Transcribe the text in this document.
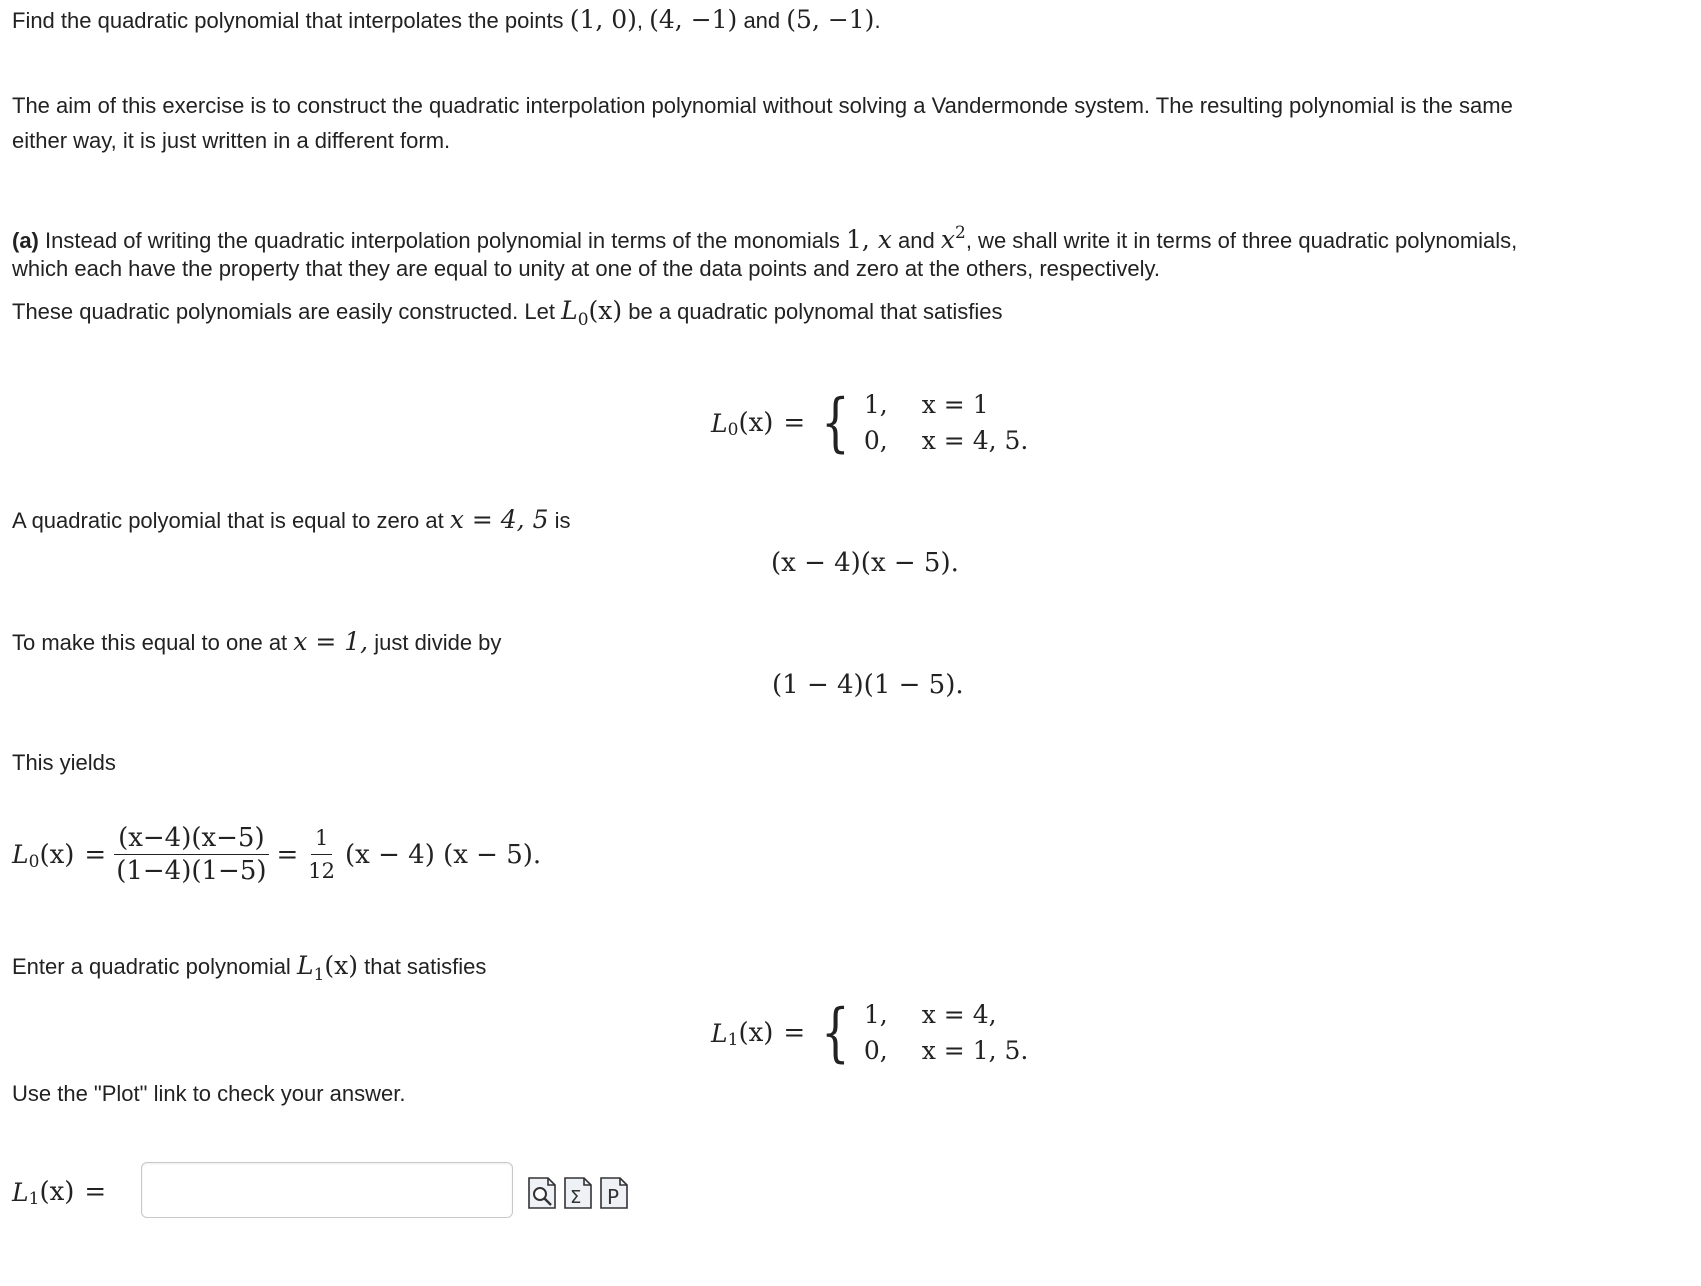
Find the quadratic polynomial that interpolates the points (1, 0), (4, −1) and (5, −1).
The aim of this exercise is to construct the quadratic interpolation polynomial without solving a Vandermonde system. The resulting polynomial is the same
either way, it is just written in a different form.
(a) Instead of writing the quadratic interpolation polynomial in terms of the monomials 1, x and $x^2$, we shall write it in terms of three quadratic polynomials,
which each have the property that they are equal to unity at one of the data points and zero at the others, respectively.
These quadratic polynomials are easily constructed. Let $L_0(x)$ be a quadratic polynomal that satisfies
$L_0$ (x) = { 1, x = 1
0, x = 4, 5.
A quadratic polyomial that is equal to zero at x = 4, 5 is
(x − 4)(x − 5).
To make this equal to one at x = 1, just divide by
(1 − 4)(1 − 5).
This yields
$L_0$ $(x) = \frac{(x-4)(x-5)}{(1-4)(1-5)} = \frac{1}{12} (x - 4) (x - 5)$.
Enter a quadratic polynomial $L_1(x)$ that satisfies
$L_1$ (x) = { 1, x = 4,
0, x = 1, 5.
Use the "Plot" link to check your answer.
$L_1$ (x) =	Σ P
